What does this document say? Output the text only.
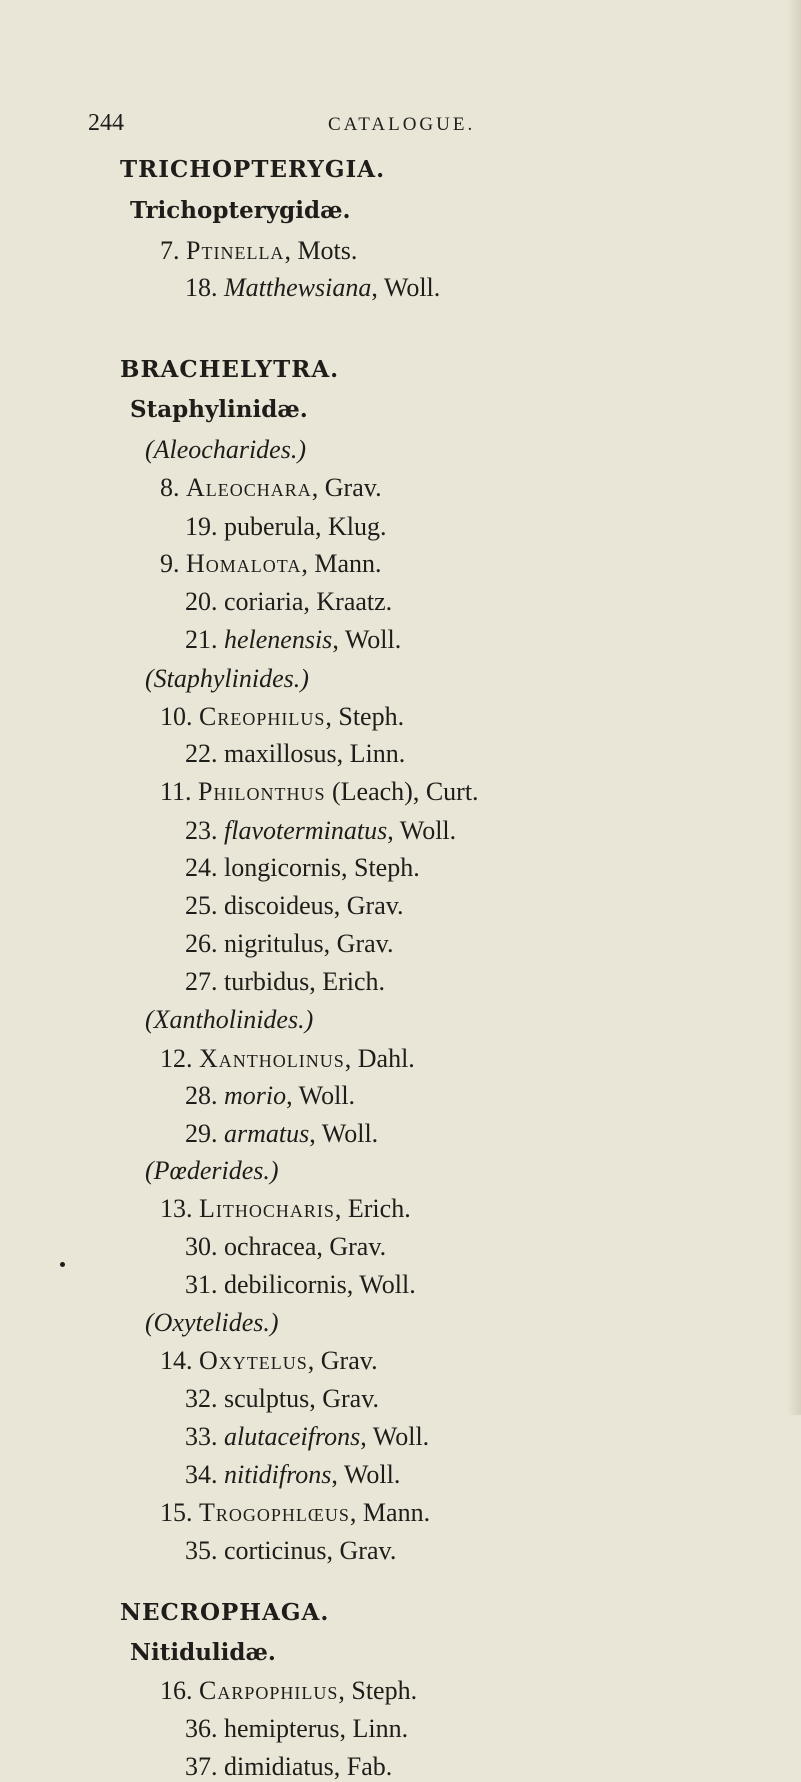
244	CATALOGUE.
TRICHOPTERYGIA.
Trichopterygidæ.
7. Ptinella, Mots.
18. Matthewsiana, Woll.
BRACHELYTRA.
Staphylinidæ.
(Aleocharides.)
8. Aleochara, Grav.
19. puberula, Klug.
9. Homalota, Mann.
20. coriaria, Kraatz.
21. helenensis, Woll.
(Staphylinides.)
10. Creophilus, Steph.
22. maxillosus, Linn.
11. Philonthus (Leach), Curt.
23. flavoterminatus, Woll.
24. longicornis, Steph.
25. discoideus, Grav.
26. nigritulus, Grav.
27. turbidus, Erich.
(Xantholinides.)
12. Xantholinus, Dahl.
28. morio, Woll.
29. armatus, Woll.
(Pœderides.)
13. Lithocharis, Erich.
30. ochracea, Grav.
31. debilicornis, Woll.
(Oxytelides.)
14. Oxytelus, Grav.
32. sculptus, Grav.
33. alutaceifrons, Woll.
34. nitidifrons, Woll.
15. Trogophlœus, Mann.
35. corticinus, Grav.
NECROPHAGA.
Nitidulidæ.
16. Carpophilus, Steph.
36. hemipterus, Linn.
37. dimidiatus, Fab.
